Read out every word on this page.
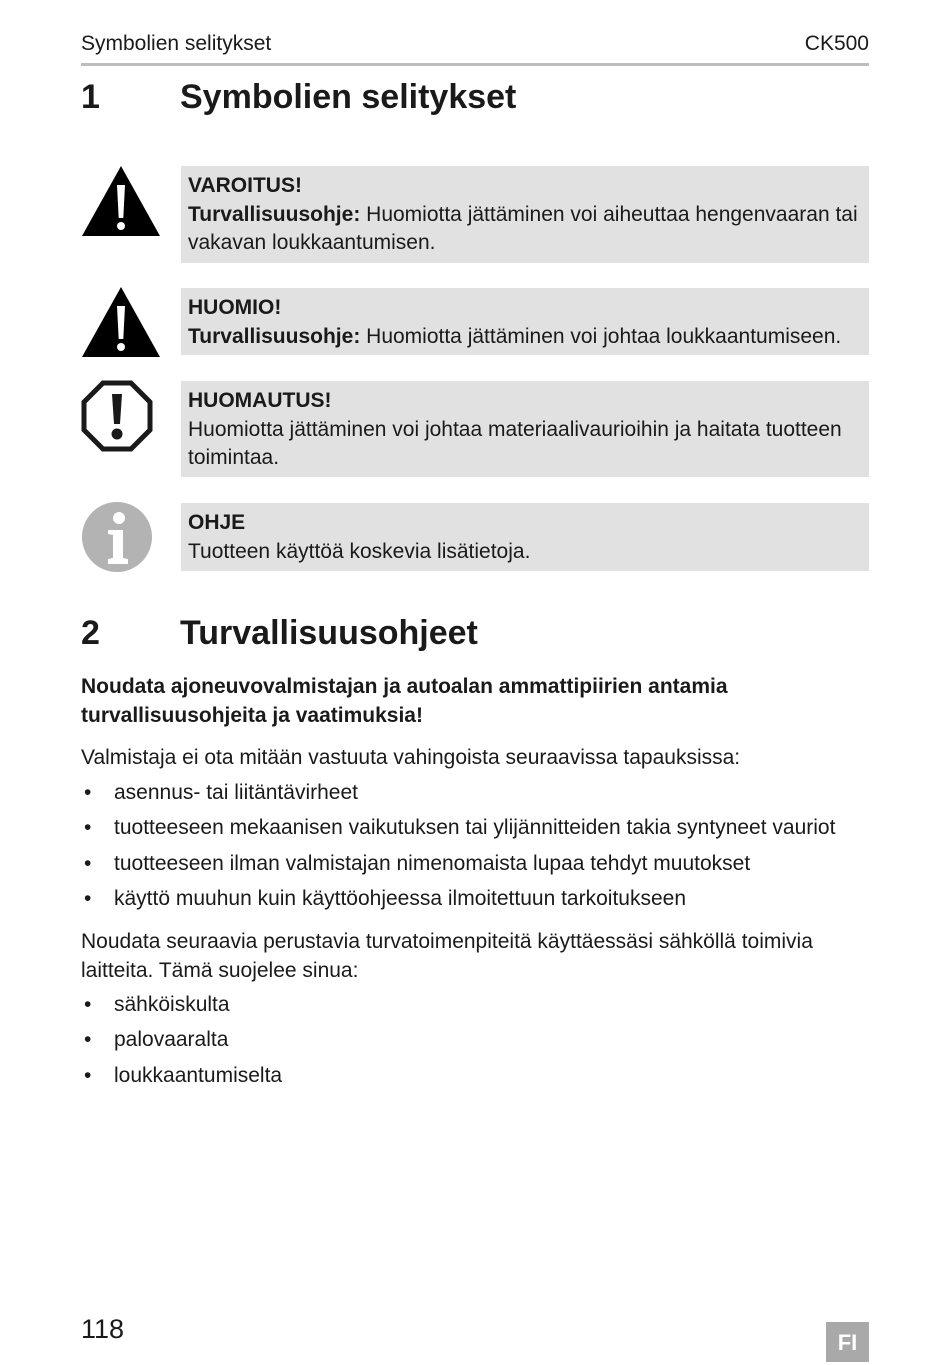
Symbolien selitykset	CK500
1 Symbolien selitykset
VAROITUS!
Turvallisuusohje: Huomiotta jättäminen voi aiheuttaa hengenvaaran tai vakavan loukkaantumisen.
HUOMIO!
Turvallisuusohje: Huomiotta jättäminen voi johtaa loukkaantumiseen.
HUOMAUTUS!
Huomiotta jättäminen voi johtaa materiaalivaurioihin ja haitata tuotteen toimintaa.
OHJE
Tuotteen käyttöä koskevia lisätietoja.
2 Turvallisuusohjeet
Noudata ajoneuvovalmistajan ja autoalan ammattipiirien antamia turvallisuusohjeita ja vaatimuksia!
Valmistaja ei ota mitään vastuuta vahingoista seuraavissa tapauksissa:
• asennus- tai liitäntävirheet
• tuotteeseen mekaanisen vaikutuksen tai ylijännitteiden takia syntyneet vauriot
• tuotteeseen ilman valmistajan nimenomaista lupaa tehdyt muutokset
• käyttö muuhun kuin käyttöohjeessa ilmoitettuun tarkoitukseen
Noudata seuraavia perustavia turvatoimenpiteitä käyttäessäsi sähköllä toimivia laitteita. Tämä suojelee sinua:
• sähköiskulta
• palovaaralta
• loukkaantumiselta
118	FI
